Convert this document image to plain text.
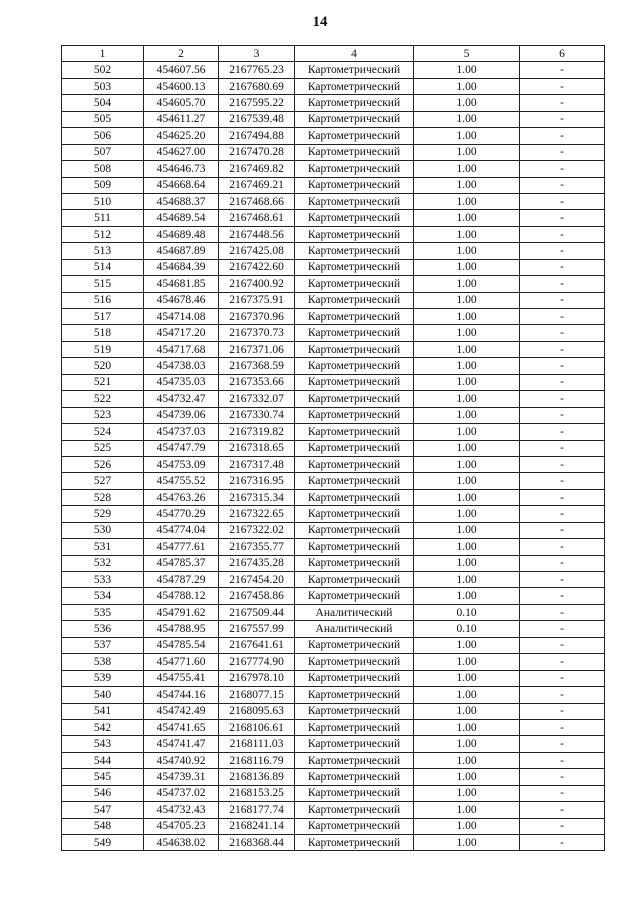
14
1	2	3	4	5	6
502	454607.56	2167765.23	Картометрический	1.00	-
503	454600.13	2167680.69	Картометрический	1.00	-
504	454605.70	2167595.22	Картометрический	1.00	-
505	454611.27	2167539.48	Картометрический	1.00	-
506	454625.20	2167494.88	Картометрический	1.00	-
507	454627.00	2167470.28	Картометрический	1.00	-
508	454646.73	2167469.82	Картометрический	1.00	-
509	454668.64	2167469.21	Картометрический	1.00	-
510	454688.37	2167468.66	Картометрический	1.00	-
511	454689.54	2167468.61	Картометрический	1.00	-
512	454689.48	2167448.56	Картометрический	1.00	-
513	454687.89	2167425.08	Картометрический	1.00	-
514	454684.39	2167422.60	Картометрический	1.00	-
515	454681.85	2167400.92	Картометрический	1.00	-
516	454678.46	2167375.91	Картометрический	1.00	-
517	454714.08	2167370.96	Картометрический	1.00	-
518	454717.20	2167370.73	Картометрический	1.00	-
519	454717.68	2167371.06	Картометрический	1.00	-
520	454738.03	2167368.59	Картометрический	1.00	-
521	454735.03	2167353.66	Картометрический	1.00	-
522	454732.47	2167332.07	Картометрический	1.00	-
523	454739.06	2167330.74	Картометрический	1.00	-
524	454737.03	2167319.82	Картометрический	1.00	-
525	454747.79	2167318.65	Картометрический	1.00	-
526	454753.09	2167317.48	Картометрический	1.00	-
527	454755.52	2167316.95	Картометрический	1.00	-
528	454763.26	2167315.34	Картометрический	1.00	-
529	454770.29	2167322.65	Картометрический	1.00	-
530	454774.04	2167322.02	Картометрический	1.00	-
531	454777.61	2167355.77	Картометрический	1.00	-
532	454785.37	2167435.28	Картометрический	1.00	-
533	454787.29	2167454.20	Картометрический	1.00	-
534	454788.12	2167458.86	Картометрический	1.00	-
535	454791.62	2167509.44	Аналитический	0.10	-
536	454788.95	2167557.99	Аналитический	0.10	-
537	454785.54	2167641.61	Картометрический	1.00	-
538	454771.60	2167774.90	Картометрический	1.00	-
539	454755.41	2167978.10	Картометрический	1.00	-
540	454744.16	2168077.15	Картометрический	1.00	-
541	454742.49	2168095.63	Картометрический	1.00	-
542	454741.65	2168106.61	Картометрический	1.00	-
543	454741.47	2168111.03	Картометрический	1.00	-
544	454740.92	2168116.79	Картометрический	1.00	-
545	454739.31	2168136.89	Картометрический	1.00	-
546	454737.02	2168153.25	Картометрический	1.00	-
547	454732.43	2168177.74	Картометрический	1.00	-
548	454705.23	2168241.14	Картометрический	1.00	-
549	454638.02	2168368.44	Картометрический	1.00	-
